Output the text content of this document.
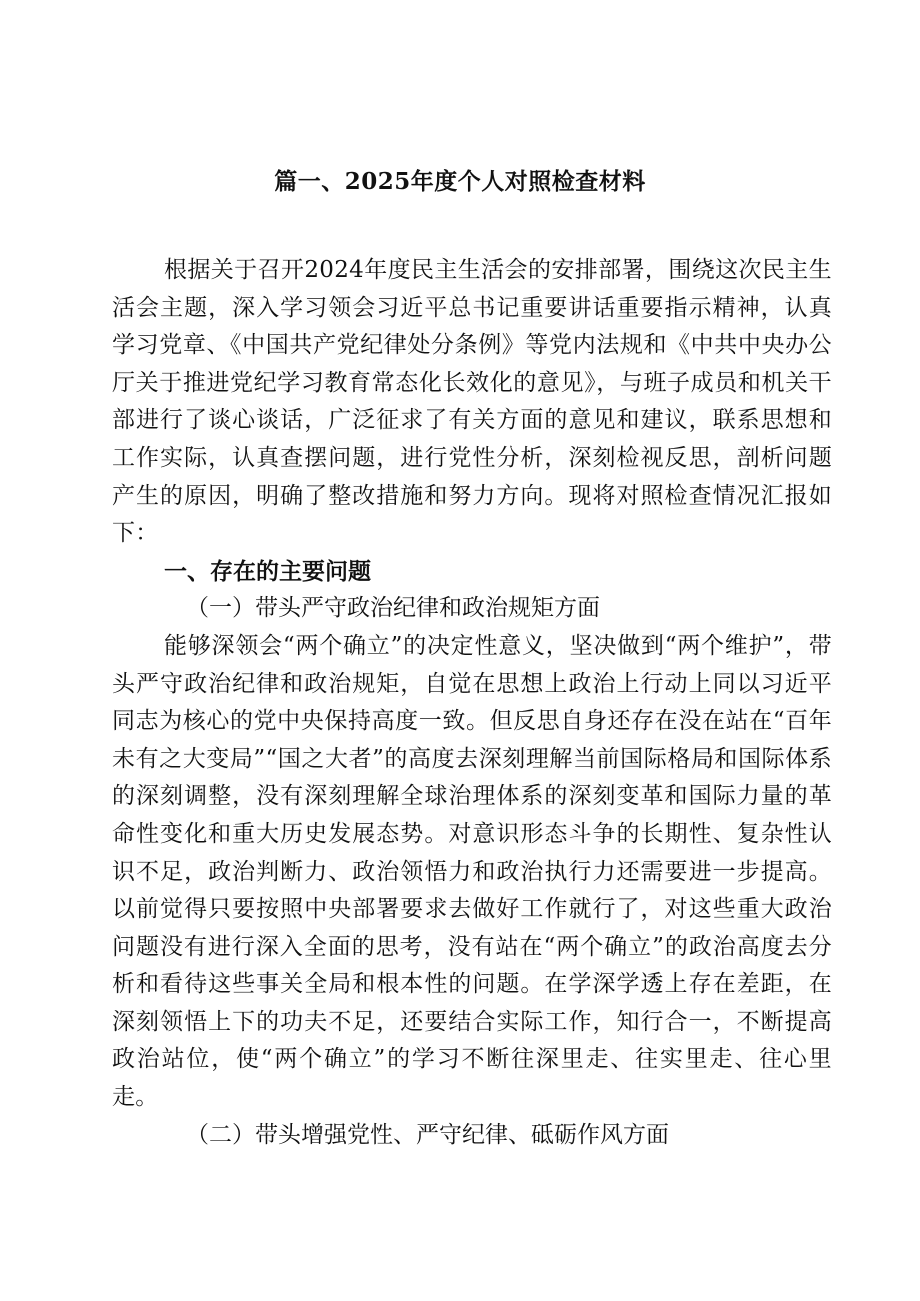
篇一、2025年度个人对照检查材料

根据关于召开2024年度民主生活会的安排部署，围绕这次民主生活会主题，深入学习领会习近平总书记重要讲话重要指示精神，认真学习党章、《中国共产党纪律处分条例》等党内法规和《中共中央办公厅关于推进党纪学习教育常态化长效化的意见》，与班子成员和机关干部进行了谈心谈话，广泛征求了有关方面的意见和建议，联系思想和工作实际，认真查摆问题，进行党性分析，深刻检视反思，剖析问题产生的原因，明确了整改措施和努力方向。现将对照检查情况汇报如下：

一、存在的主要问题

（一）带头严守政治纪律和政治规矩方面

能够深领会“两个确立”的决定性意义，坚决做到“两个维护”，带头严守政治纪律和政治规矩，自觉在思想上政治上行动上同以习近平同志为核心的党中央保持高度一致。但反思自身还存在没在站在“百年未有之大变局”“国之大者”的高度去深刻理解当前国际格局和国际体系的深刻调整，没有深刻理解全球治理体系的深刻变革和国际力量的革命性变化和重大历史发展态势。对意识形态斗争的长期性、复杂性认识不足，政治判断力、政治领悟力和政治执行力还需要进一步提高。以前觉得只要按照中央部署要求去做好工作就行了，对这些重大政治问题没有进行深入全面的思考，没有站在“两个确立”的政治高度去分析和看待这些事关全局和根本性的问题。在学深学透上存在差距，在深刻领悟上下的功夫不足，还要结合实际工作，知行合一，不断提高政治站位，使“两个确立”的学习不断往深里走、往实里走、往心里走。

（二）带头增强党性、严守纪律、砥砺作风方面
